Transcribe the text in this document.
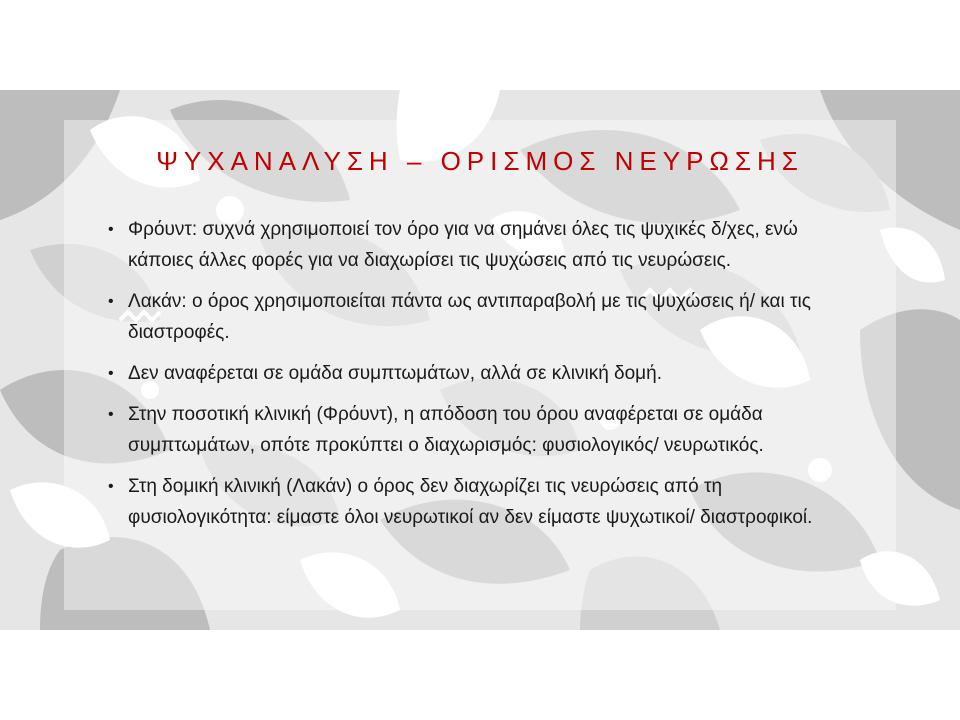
ΨΥΧΑΝΑΛΥΣΗ – ΟΡΙΣΜΟΣ ΝΕΥΡΩΣΗΣ
• Φρόυντ: συχνά χρησιμοποιεί τον όρο για να σημάνει όλες τις ψυχικές δ/χες, ενώ κάποιες άλλες φορές για να διαχωρίσει τις ψυχώσεις από τις νευρώσεις.
• Λακάν: ο όρος χρησιμοποιείται πάντα ως αντιπαραβολή με τις ψυχώσεις ή/ και τις διαστροφές.
• Δεν αναφέρεται σε ομάδα συμπτωμάτων, αλλά σε κλινική δομή.
• Στην ποσοτική κλινική (Φρόυντ), η απόδοση του όρου αναφέρεται σε ομάδα συμπτωμάτων, οπότε προκύπτει ο διαχωρισμός: φυσιολογικός/ νευρωτικός.
• Στη δομική κλινική (Λακάν) ο όρος δεν διαχωρίζει τις νευρώσεις από τη φυσιολογικότητα: είμαστε όλοι νευρωτικοί αν δεν είμαστε ψυχωτικοί/ διαστροφικοί.
